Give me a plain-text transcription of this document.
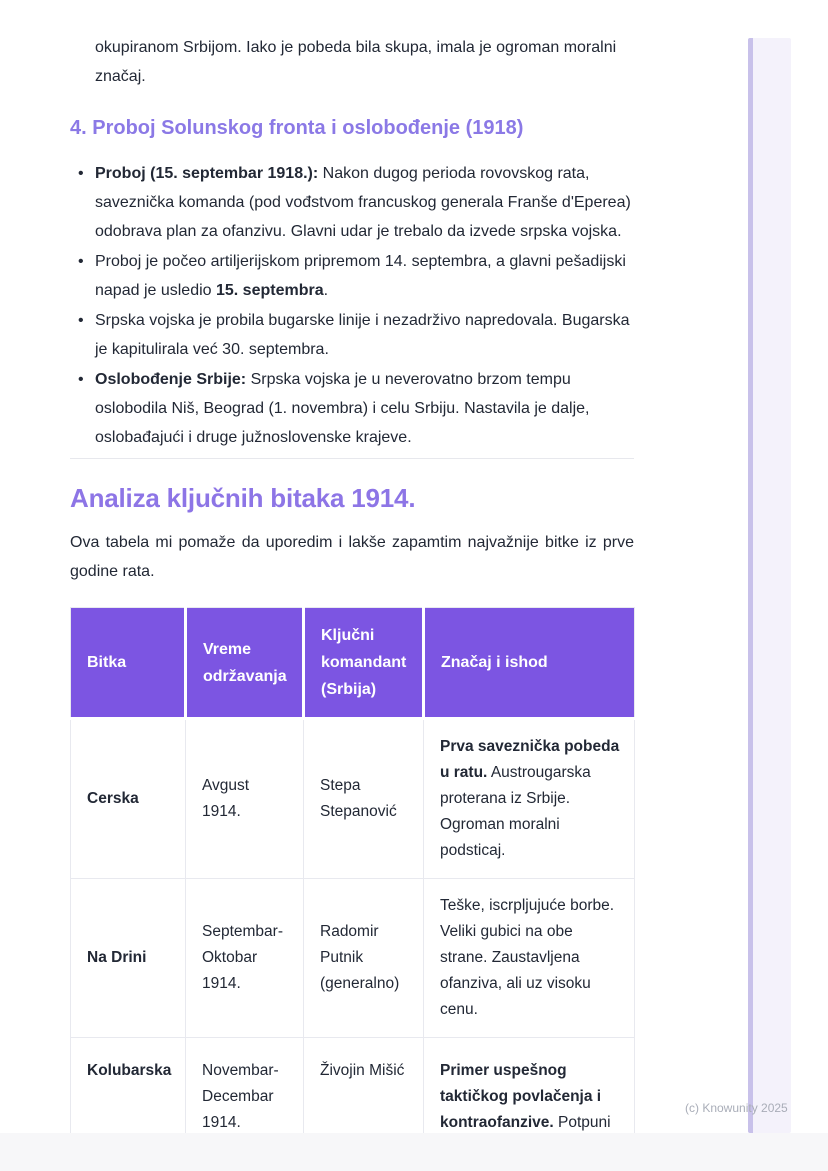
okupiranom Srbijom. Iako je pobeda bila skupa, imala je ogroman moralni značaj.

4. Proboj Solunskog fronta i oslobođenje (1918)
• Proboj (15. septembar 1918.): Nakon dugog perioda rovovskog rata, saveznička komanda (pod vođstvom francuskog generala Franše d'Eperea) odobrava plan za ofanzivu. Glavni udar je trebalo da izvede srpska vojska.
• Proboj je počeo artiljerijskom pripremom 14. septembra, a glavni pešadijski napad je usledio 15. septembra.
• Srpska vojska je probila bugarske linije i nezadrživo napredovala. Bugarska je kapitulirala već 30. septembra.
• Oslobođenje Srbije: Srpska vojska je u neverovatno brzom tempu oslobodila Niš, Beograd (1. novembra) i celu Srbiju. Nastavila je dalje, oslobađajući i druge južnoslovenske krajeve.
Analiza ključnih bitaka 1914.

Ova tabela mi pomaže da uporedim i lakše zapamtim najvažnije bitke iz prve godine rata.

Bitka	Vreme održavanja	Ključni komandant (Srbija)	Značaj i ishod
Cerska	Avgust 1914.	Stepa Stepanović	Prva saveznička pobeda u ratu. Austrougarska proterana iz Srbije. Ogroman moralni podsticaj.
Na Drini	Septembar-Oktobar 1914.	Radomir Putnik (generalno)	Teške, iscrpljujuće borbe. Veliki gubici na obe strane. Zaustavljena ofanziva, ali uz visoku cenu.
Kolubarska	Novembar-Decembar 1914.	Živojin Mišić	Primer uspešnog taktičkog povlačenja i kontraofanzive. Potpuni
(c) Knowunity 2025
